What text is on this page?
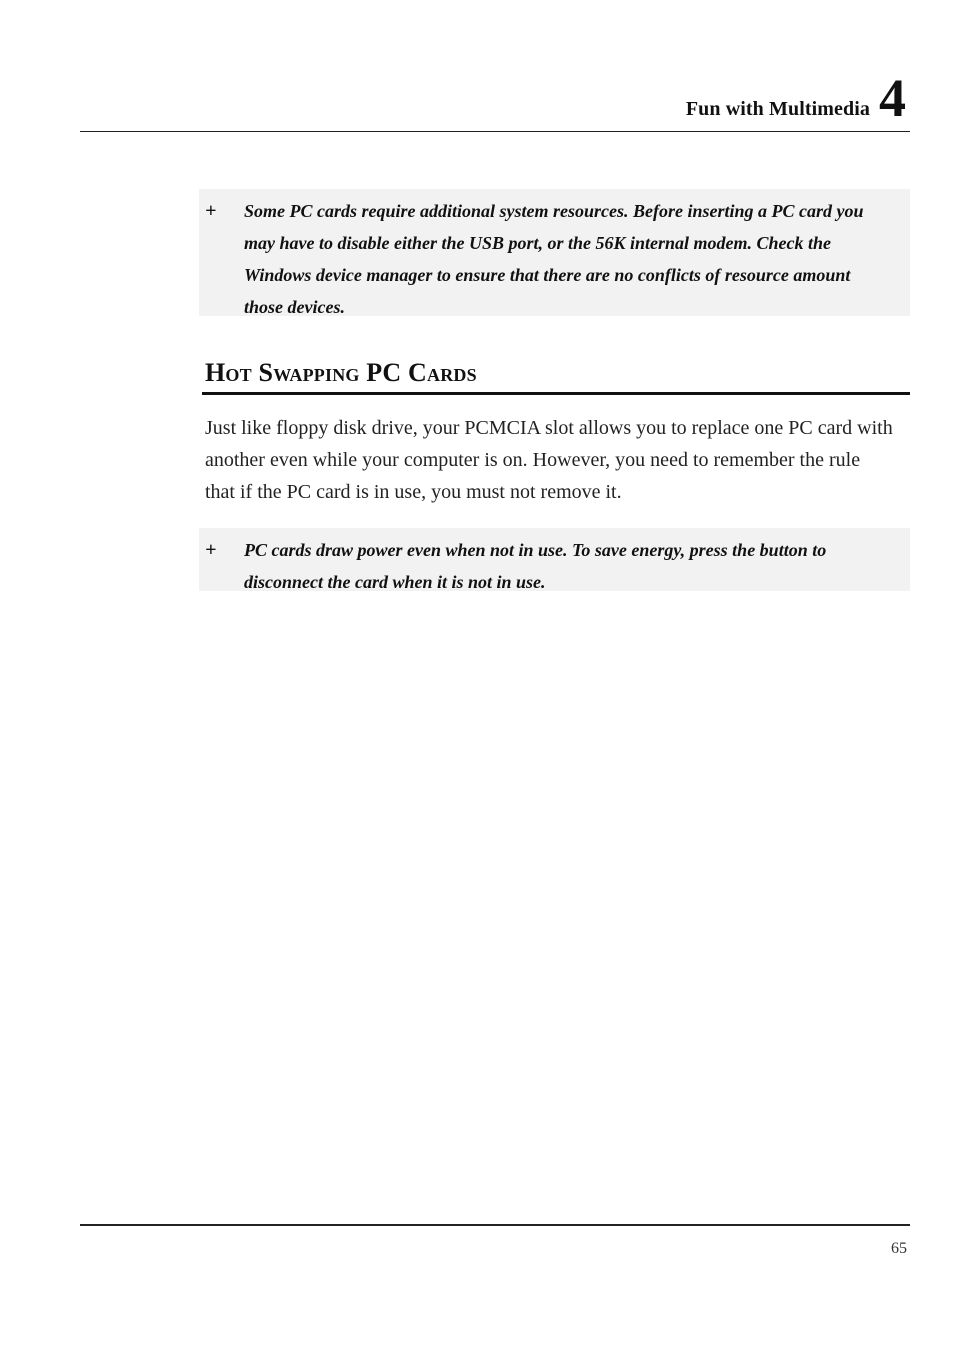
Fun with Multimedia 4
+ Some PC cards require additional system resources. Before inserting a PC card you may have to disable either the USB port, or the 56K internal modem. Check the Windows device manager to ensure that there are no conflicts of resource amount those devices.
Hot Swapping PC Cards
Just like floppy disk drive, your PCMCIA slot allows you to replace one PC card with another even while your computer is on. However, you need to remember the rule that if the PC card is in use, you must not remove it.
+ PC cards draw power even when not in use. To save energy, press the button to disconnect the card when it is not in use.
65
